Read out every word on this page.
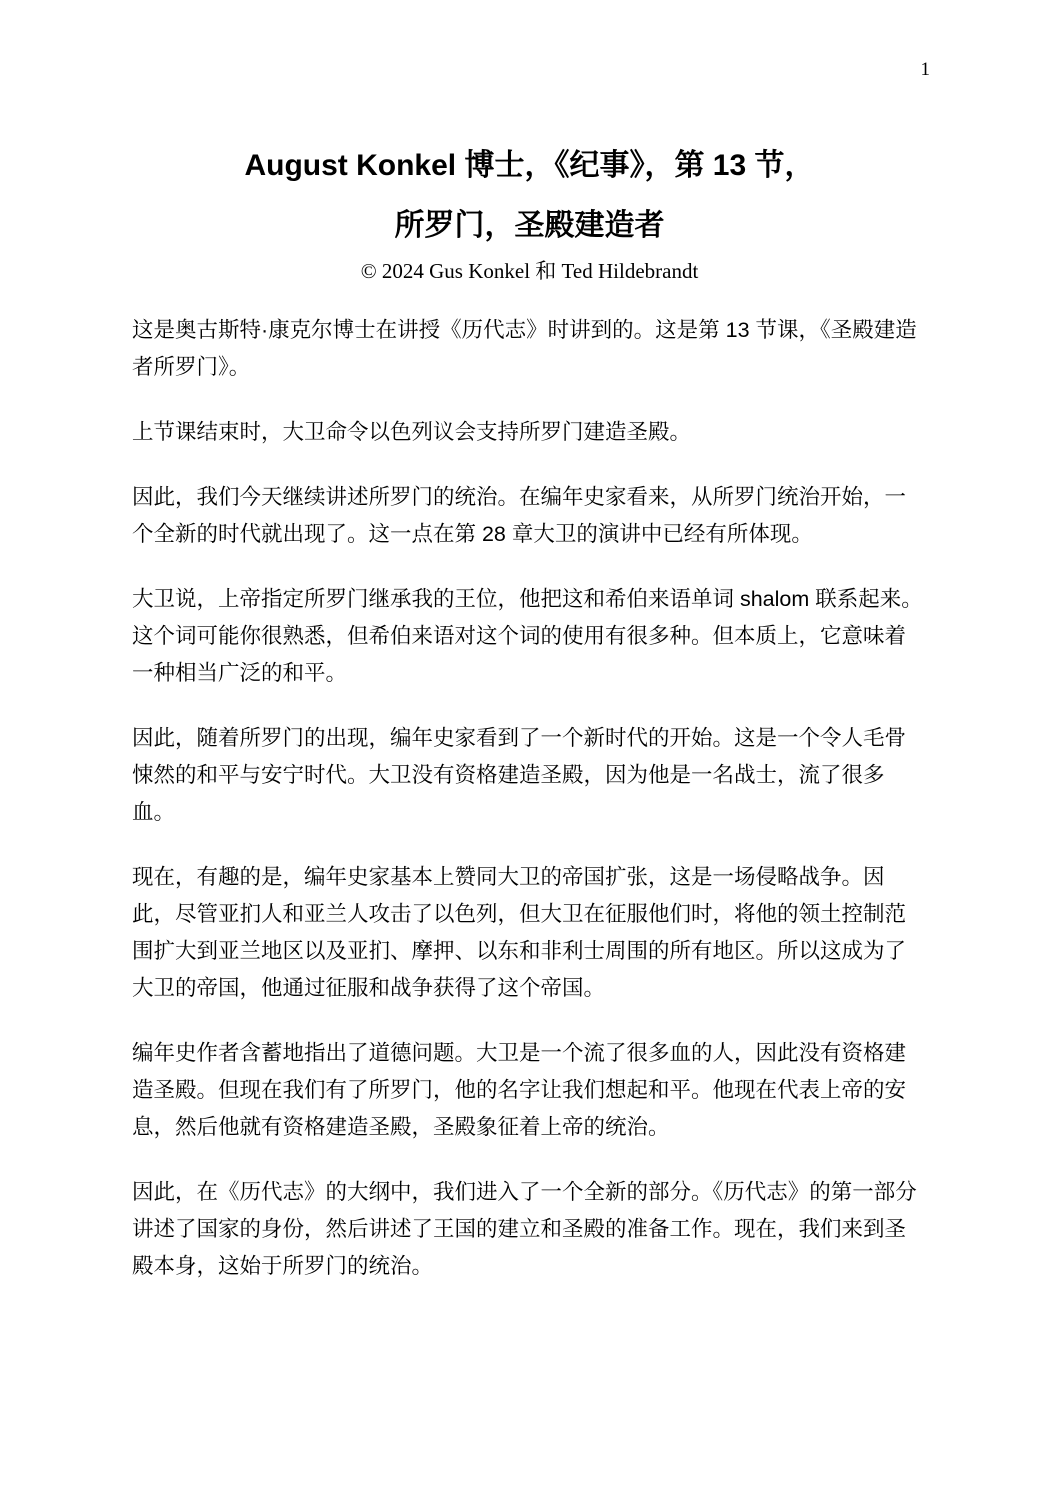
1
August Konkel 博士，《纪事》，第 13 节，
所罗门，圣殿建造者
© 2024 Gus Konkel 和 Ted Hildebrandt

这是奥古斯特·康克尔博士在讲授《历代志》时讲到的。这是第 13 节课，《圣殿建造者所罗门》。

上节课结束时，大卫命令以色列议会支持所罗门建造圣殿。

因此，我们今天继续讲述所罗门的统治。在编年史家看来，从所罗门统治开始，一个全新的时代就出现了。这一点在第 28 章大卫的演讲中已经有所体现。

大卫说，上帝指定所罗门继承我的王位，他把这和希伯来语单词 shalom 联系起来。这个词可能你很熟悉，但希伯来语对这个词的使用有很多种。但本质上，它意味着一种相当广泛的和平。

因此，随着所罗门的出现，编年史家看到了一个新时代的开始。这是一个令人毛骨悚然的和平与安宁时代。大卫没有资格建造圣殿，因为他是一名战士，流了很多血。

现在，有趣的是，编年史家基本上赞同大卫的帝国扩张，这是一场侵略战争。因此，尽管亚扪人和亚兰人攻击了以色列，但大卫在征服他们时，将他的领土控制范围扩大到亚兰地区以及亚扪、摩押、以东和非利士周围的所有地区。所以这成为了大卫的帝国，他通过征服和战争获得了这个帝国。

编年史作者含蓄地指出了道德问题。大卫是一个流了很多血的人，因此没有资格建造圣殿。但现在我们有了所罗门，他的名字让我们想起和平。他现在代表上帝的安息，然后他就有资格建造圣殿，圣殿象征着上帝的统治。

因此，在《历代志》的大纲中，我们进入了一个全新的部分。《历代志》的第一部分讲述了国家的身份，然后讲述了王国的建立和圣殿的准备工作。现在，我们来到圣殿本身，这始于所罗门的统治。
